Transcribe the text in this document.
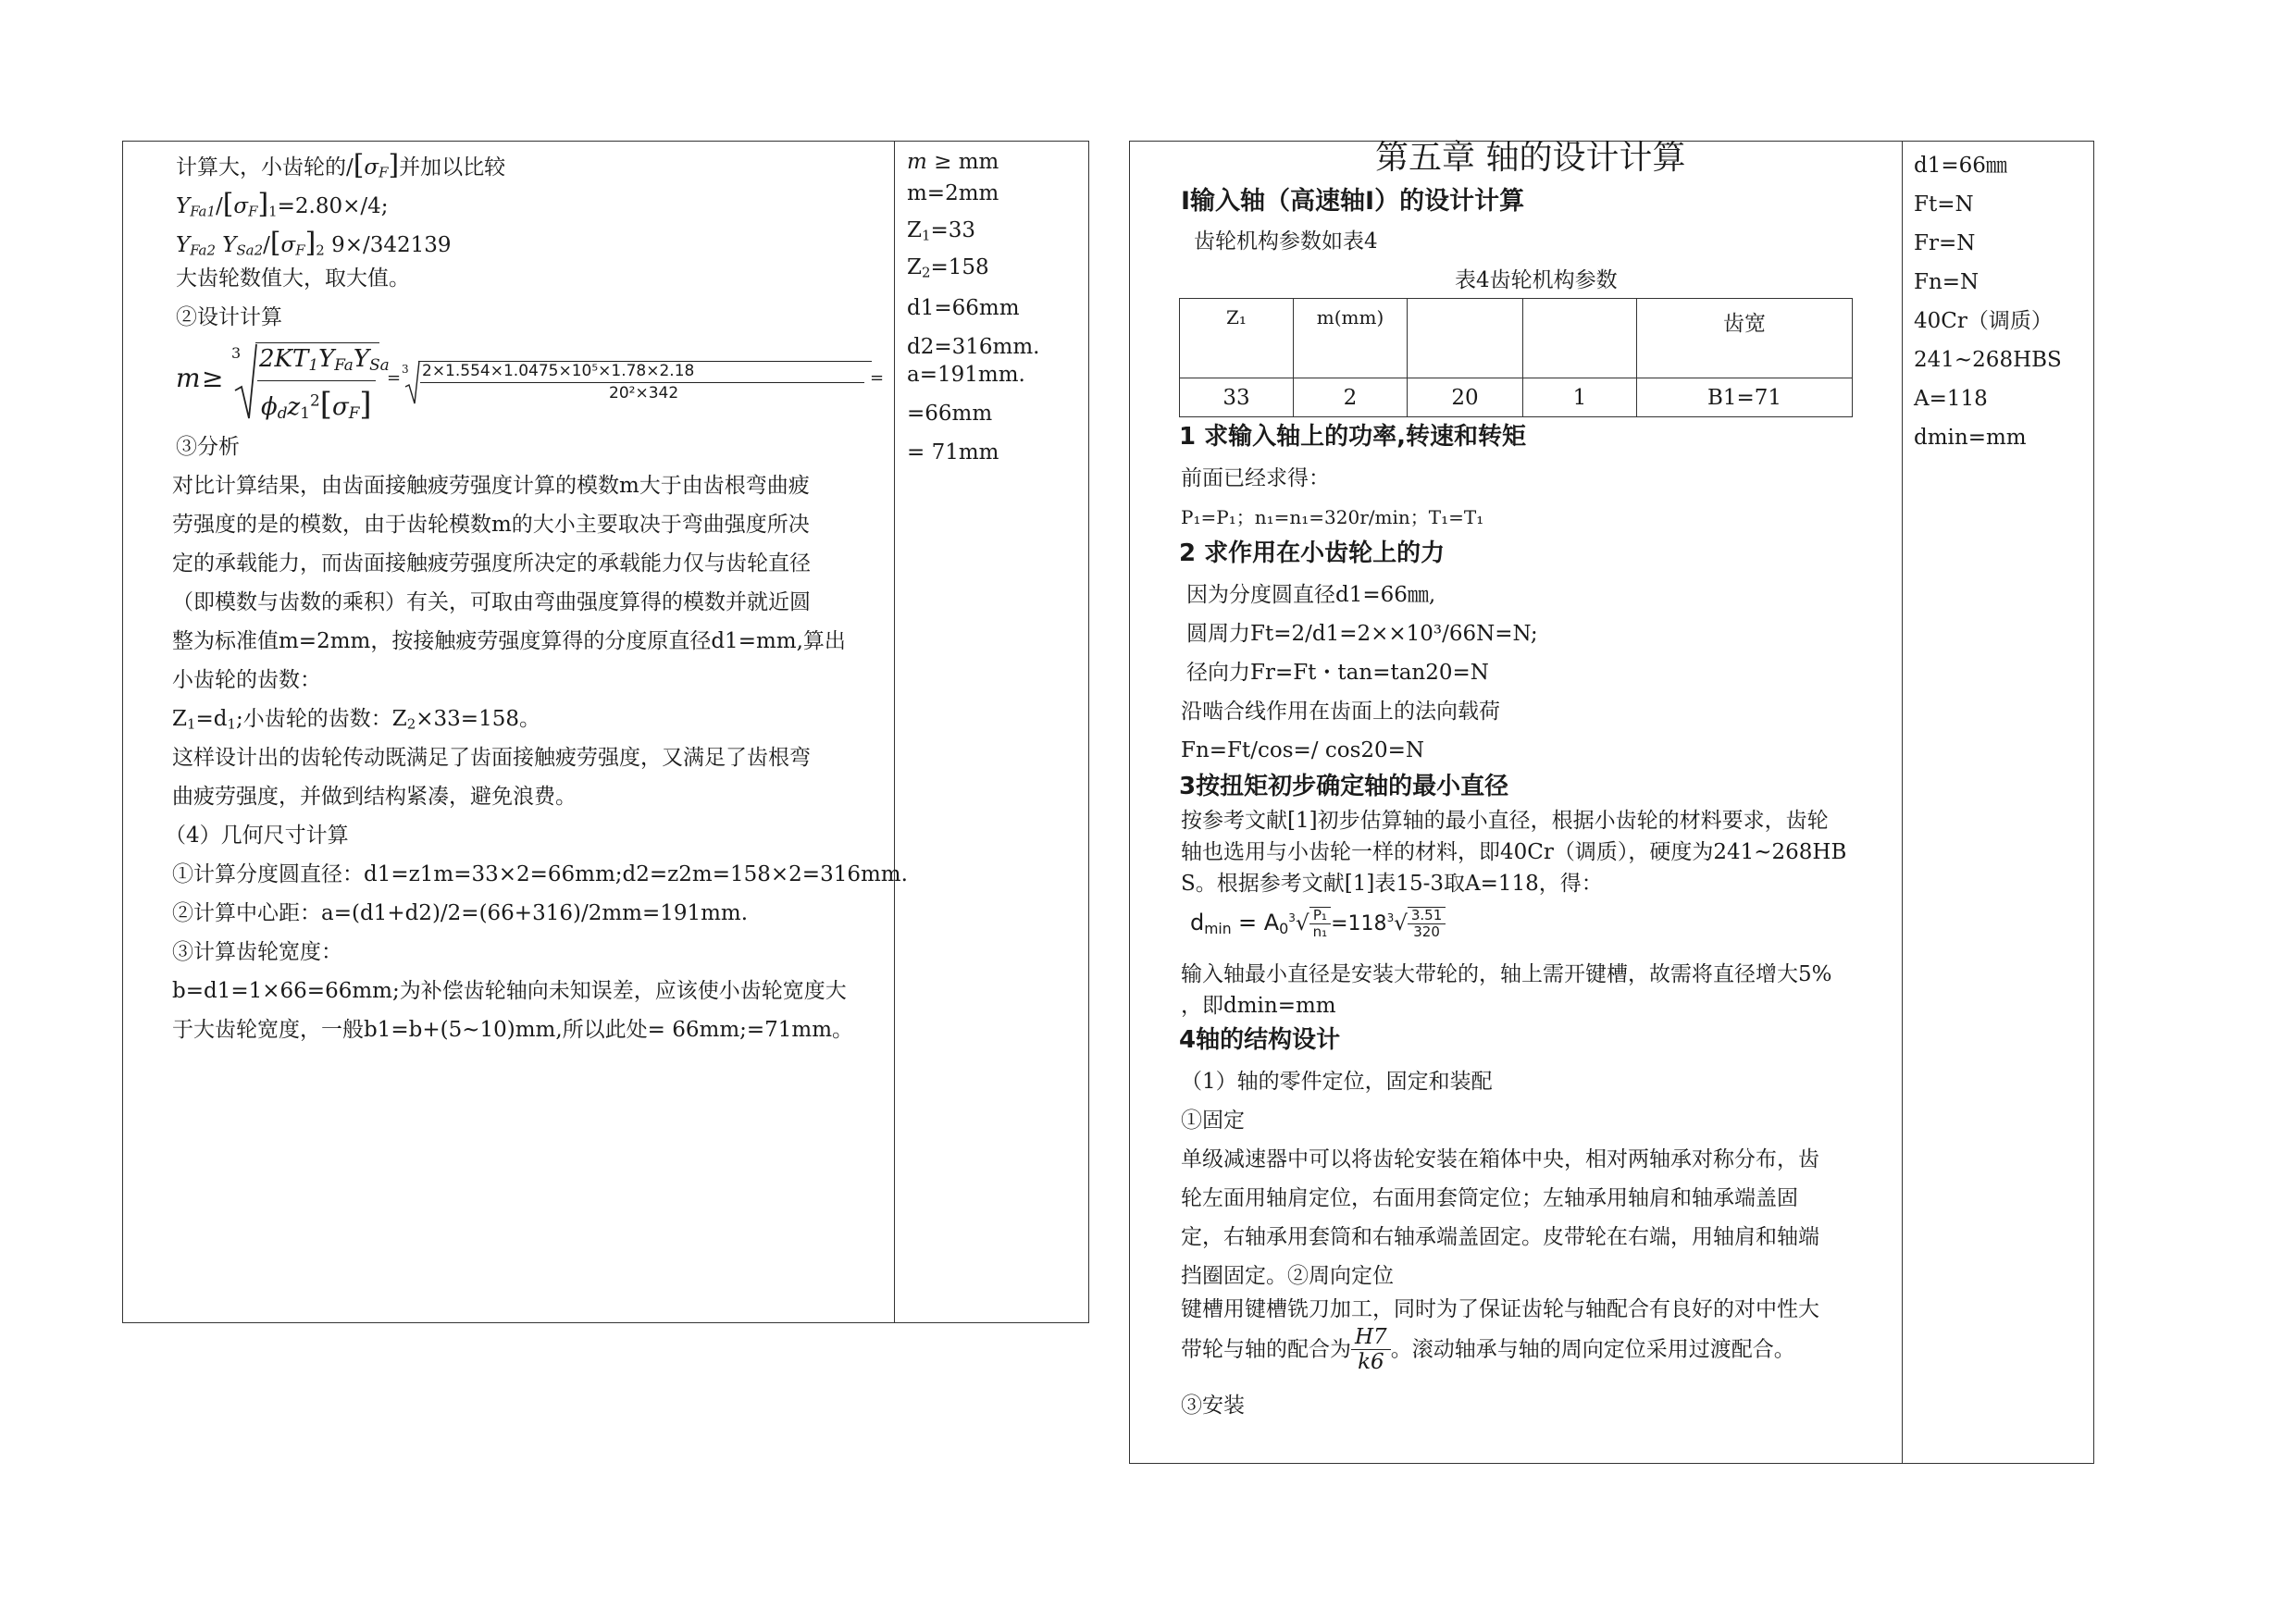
计算大，小齿轮的$/[\sigma_F]$并加以比较
$Y_{Fa1}/[\sigma_F]_1=2.80\times/4$;
$Y_{Fa2}$ $Y_{Sa2}/[\sigma_F]_2$ 9×/342139
大齿轮数值大，取大值。
②设计计算
m ≥
3 $2KT_1Y_{Fa}Y_{Sa}$
$\phi_dz_1^2[\sigma_F]$
= 3 2×1.554×1.0475×10⁵×1.78×2.18
20²×342
=
③分析
对比计算结果，由齿面接触疲劳强度计算的模数m大于由齿根弯曲疲
劳强度的是的模数，由于齿轮模数m的大小主要取决于弯曲强度所决
定的承载能力，而齿面接触疲劳强度所决定的承载能力仅与齿轮直径
（即模数与齿数的乘积）有关，可取由弯曲强度算得的模数并就近圆
整为标准值m=2mm，按接触疲劳强度算得的分度原直径d1=mm,算出
小齿轮的齿数：
$Z_1=d_1$;小齿轮的齿数：$Z_2\times 33=158$。
这样设计出的齿轮传动既满足了齿面接触疲劳强度，又满足了齿根弯
曲疲劳强度，并做到结构紧凑，避免浪费。
（4）几何尺寸计算
①计算分度圆直径：d1=z1m=33×2=66mm;d2=z2m=158×2=316mm.
②计算中心距：a=(d1+d2)/2=(66+316)/2mm=191mm.
③计算齿轮宽度：
b=d1=1×66=66mm;为补偿齿轮轴向未知误差，应该使小齿轮宽度大
于大齿轮宽度，一般b1=b+(5~10)mm,所以此处= 66mm;=71mm。
m ≥ mm
m=2mm
$Z_1=33$
$Z_2=158$
d1=66mm
d2=316mm.
a=191mm.
=66mm
= 71mm
第五章 轴的设计计算
Ⅰ输入轴（高速轴Ⅰ）的设计计算
齿轮机构参数如表4
表4齿轮机构参数
Z₁	m(mm)			齿宽
33	2	20	1	B1=71
1 求输入轴上的功率,转速和转矩
前面已经求得：
P₁=P₁；n₁=n₁=320r/min；T₁=T₁
2 求作用在小齿轮上的力
因为分度圆直径d1=66㎜,
圆周力Ft=2/d1=2××10³/66N=N;
径向力Fr=Ft・tan=tan20=N
沿啮合线作用在齿面上的法向载荷
Fn=Ft/cos=/ cos20=N
3按扭矩初步确定轴的最小直径
按参考文献[1]初步估算轴的最小直径，根据小齿轮的材料要求，齿轮
轴也选用与小齿轮一样的材料，即40Cr（调质），硬度为241~268HB
S。根据参考文献[1]表15-3取A=118，得：
$d_{min} = A_0^3√ \frac{\text{P₁}}{\text{n₁}} =118^3√ \frac{3.51}{320}$
输入轴最小直径是安装大带轮的，轴上需开键槽，故需将直径增大5%
，即dmin=mm
4轴的结构设计
（1）轴的零件定位，固定和装配
①固定
单级减速器中可以将齿轮安装在箱体中央，相对两轴承对称分布，齿
轮左面用轴肩定位，右面用套筒定位；左轴承用轴肩和轴承端盖固
定，右轴承用套筒和右轴承端盖固定。皮带轮在右端，用轴肩和轴端
挡圈固定。②周向定位
键槽用键槽铣刀加工，同时为了保证齿轮与轴配合有良好的对中性大
带轮与轴的配合为 $\frac{H7}{k6}$ 。滚动轴承与轴的周向定位采用过渡配合。
③安装
d1=66㎜
Ft=N
Fr=N
Fn=N
40Cr（调质）
241~268HBS
A=118
dmin=mm
